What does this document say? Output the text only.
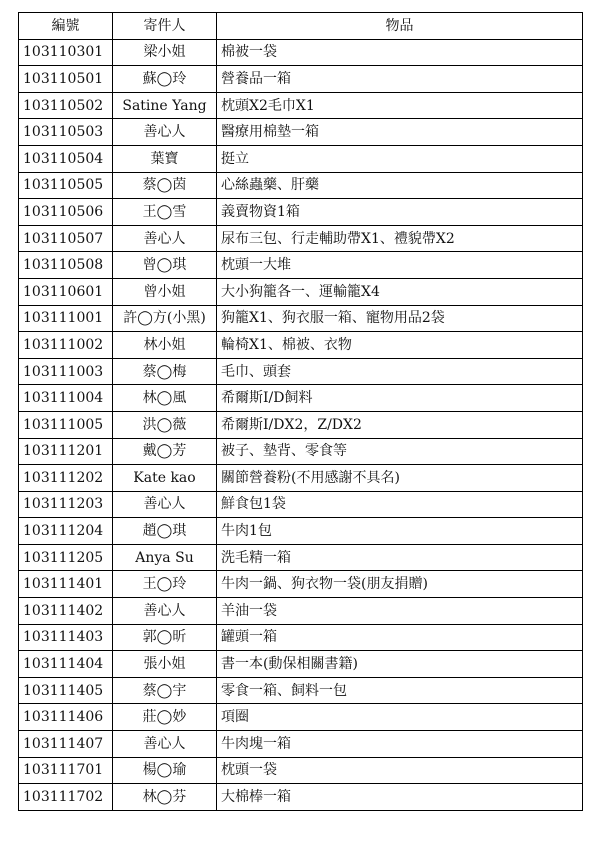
編號	寄件人	物品
103110301	梁小姐	棉被一袋
103110501	蘇◯玲	營養品一箱
103110502	Satine Yang	枕頭X2毛巾X1
103110503	善心人	醫療用棉墊一箱
103110504	葉寶	挺立
103110505	蔡◯茵	心絲蟲藥、肝藥
103110506	王◯雪	義賣物資1箱
103110507	善心人	尿布三包、行走輔助帶X1、禮貌帶X2
103110508	曾◯琪	枕頭一大堆
103110601	曾小姐	大小狗籠各一、運輸籠X4
103111001	許◯方(小黑)	狗籠X1、狗衣服一箱、寵物用品2袋
103111002	林小姐	輪椅X1、棉被、衣物
103111003	蔡◯梅	毛巾、頭套
103111004	林◯風	希爾斯I/D飼料
103111005	洪◯薇	希爾斯I/DX2，Z/DX2
103111201	戴◯芳	被子、墊背、零食等
103111202	Kate kao	關節營養粉(不用感謝不具名)
103111203	善心人	鮮食包1袋
103111204	趙◯琪	牛肉1包
103111205	Anya Su	洗毛精一箱
103111401	王◯玲	牛肉一鍋、狗衣物一袋(朋友捐贈)
103111402	善心人	羊油一袋
103111403	郭◯昕	罐頭一箱
103111404	張小姐	書一本(動保相關書籍)
103111405	蔡◯宇	零食一箱、飼料一包
103111406	莊◯妙	項圈
103111407	善心人	牛肉塊一箱
103111701	楊◯瑜	枕頭一袋
103111702	林◯芬	大棉棒一箱
